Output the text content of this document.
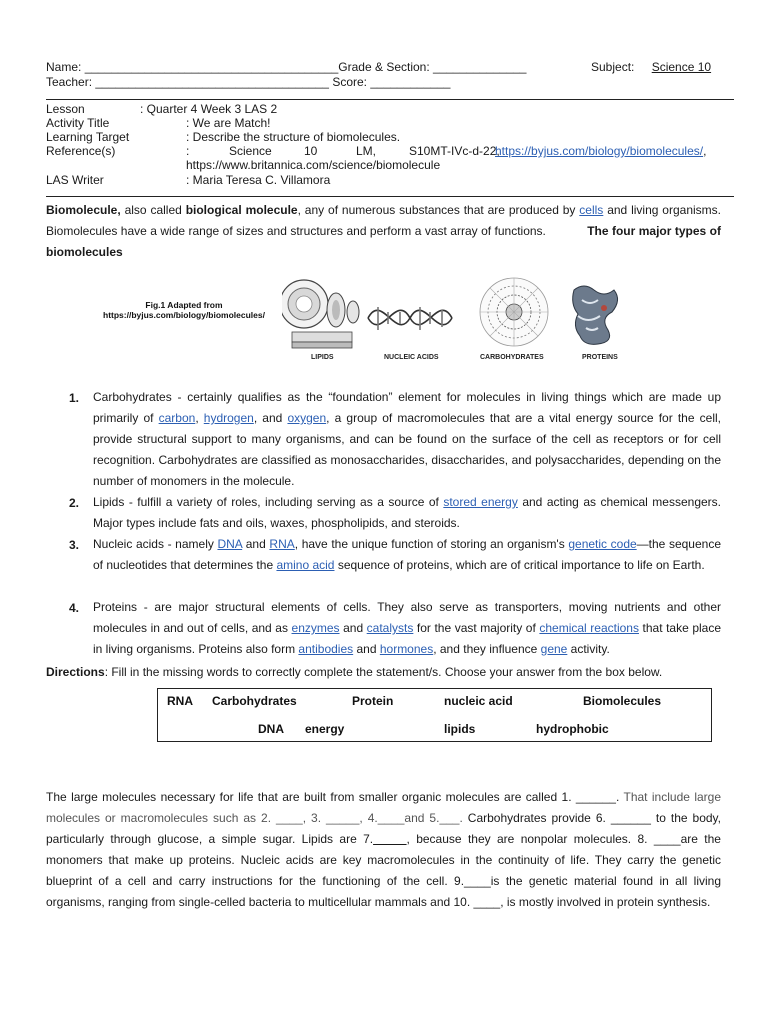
Name: ______________________________________Grade & Section: ______________	Subject: Science 10
Teacher: ___________________________________ Score: ____________
Lesson	: Quarter 4 Week 3 LAS 2
Activity Title	: We are Match!
Learning Target	: Describe the structure of biomolecules.
Reference(s)	:	Science	10	LM,	S10MT-IVc-d-22,
https://byjus.com/biology/biomolecules/,
https://www.britannica.com/science/biomolecule
LAS Writer	: Maria Teresa C. Villamora
Biomolecule, also called biological molecule, any of numerous substances that are produced by cells and living organisms. Biomolecules have a wide range of sizes and structures and perform a vast array of functions.	The four major types of biomolecules
Fig.1 Adapted from
https://byjus.com/biology/biomolecules/
LIPIDS	NUCLEIC ACIDS	CARBOHYDRATES	PROTEINS
1. Carbohydrates - certainly qualifies as the “foundation” element for molecules in living things which are made up primarily of carbon, hydrogen, and oxygen, a group of macromolecules that are a vital energy source for the cell, provide structural support to many organisms, and can be found on the surface of the cell as receptors or for cell recognition. Carbohydrates are classified as monosaccharides, disaccharides, and polysaccharides, depending on the number of monomers in the molecule.
2. Lipids - fulfill a variety of roles, including serving as a source of stored energy and acting as chemical messengers. Major types include fats and oils, waxes, phospholipids, and steroids.
3. Nucleic acids - namely DNA and RNA, have the unique function of storing an organism's genetic code—the sequence of nucleotides that determines the amino acid sequence of proteins, which are of critical importance to life on Earth.
4. Proteins - are major structural elements of cells. They also serve as transporters, moving nutrients and other molecules in and out of cells, and as enzymes and catalysts for the vast majority of chemical reactions that take place in living organisms. Proteins also form antibodies and hormones, and they influence gene activity.
Directions: Fill in the missing words to correctly complete the statement/s. Choose your answer from the box below.
RNA Carbohydrates	Protein	nucleic acid	Biomolecules
DNA energy	lipids	hydrophobic
The large molecules necessary for life that are built from smaller organic molecules are called 1. ______. That include large molecules or macromolecules such as 2. ____, 3. _____, 4.____and 5.___. Carbohydrates provide 6. ______ to the body, particularly through glucose, a simple sugar. Lipids are 7._____, because they are nonpolar molecules. 8. ____are the monomers that make up proteins. Nucleic acids are key macromolecules in the continuity of life. They carry the genetic blueprint of a cell and carry instructions for the functioning of the cell. 9.____is the genetic material found in all living organisms, ranging from single-celled bacteria to multicellular mammals and 10. ____, is mostly involved in protein synthesis.
